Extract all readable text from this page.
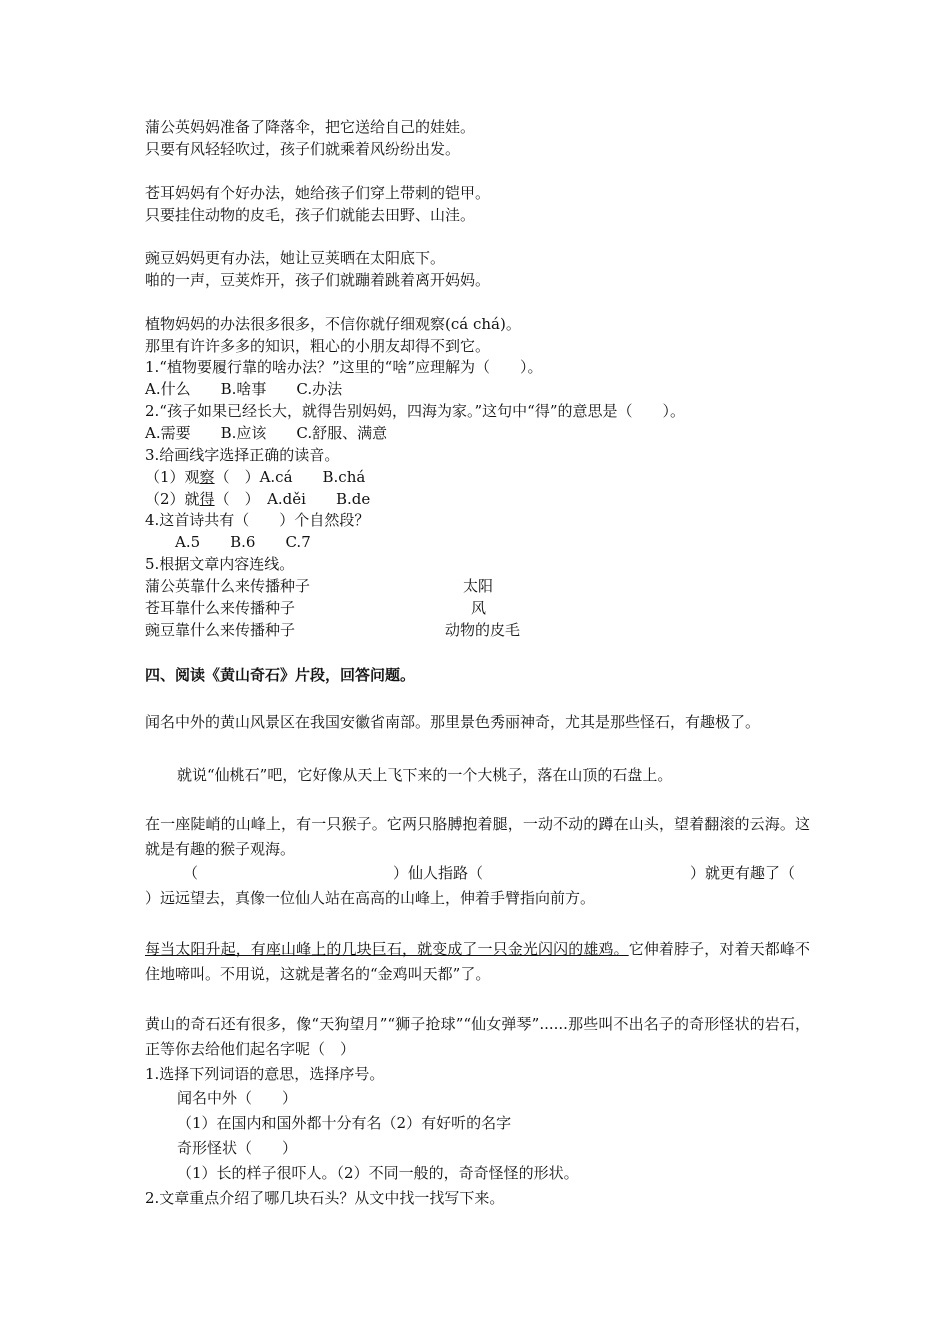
蒲公英妈妈准备了降落伞，把它送给自己的娃娃。
只要有风轻轻吹过，孩子们就乘着风纷纷出发。
苍耳妈妈有个好办法，她给孩子们穿上带刺的铠甲。
只要挂住动物的皮毛，孩子们就能去田野、山洼。
豌豆妈妈更有办法，她让豆荚晒在太阳底下。
啪的一声，豆荚炸开，孩子们就蹦着跳着离开妈妈。
植物妈妈的办法很多很多，不信你就仔细观察(cá chá)。
那里有许许多多的知识，粗心的小朋友却得不到它。
1.“植物要履行靠的啥办法？”这里的“啥”应理解为（　　）。
A.什么　　B.啥事　　C.办法
2.“孩子如果已经长大，就得告别妈妈，四海为家。”这句中“得”的意思是（　　）。
A.需要　　B.应该　　C.舒服、满意
3.给画线字选择正确的读音。
（1）观察（　）A.cá　　B.chá
（2）就得（　）　A.děi　　B.de
4.这首诗共有（　　）个自然段？
A.5　　B.6　　C.7
5.根据文章内容连线。
蒲公英靠什么来传播种子
苍耳靠什么来传播种子
豌豆靠什么来传播种子
太阳
风
动物的皮毛
四、阅读《黄山奇石》片段，回答问题。
闻名中外的黄山风景区在我国安徽省南部。那里景色秀丽神奇，尤其是那些怪石，有趣极了。
就说“仙桃石”吧，它好像从天上飞下来的一个大桃子，落在山顶的石盘上。
在一座陡峭的山峰上，有一只猴子。它两只胳膊抱着腿，一动不动的蹲在山头，望着翻滚的云海。这就是有趣的猴子观海。
（	）仙人指路（	）就更有趣了（
）远远望去，真像一位仙人站在高高的山峰上，伸着手臂指向前方。
每当太阳升起，有座山峰上的几块巨石，就变成了一只金光闪闪的雄鸡。它伸着脖子，对着天都峰不住地啼叫。不用说，这就是著名的“金鸡叫天都”了。
黄山的奇石还有很多，像“天狗望月”“狮子抢球”“仙女弹琴”......那些叫不出名子的奇形怪状的岩石，正等你去给他们起名字呢（　）
1.选择下列词语的意思，选择序号。
闻名中外（　　）
（1）在国内和国外都十分有名（2）有好听的名字
奇形怪状（　　）
（1）长的样子很吓人。（2）不同一般的，奇奇怪怪的形状。
2.文章重点介绍了哪几块石头？从文中找一找写下来。
